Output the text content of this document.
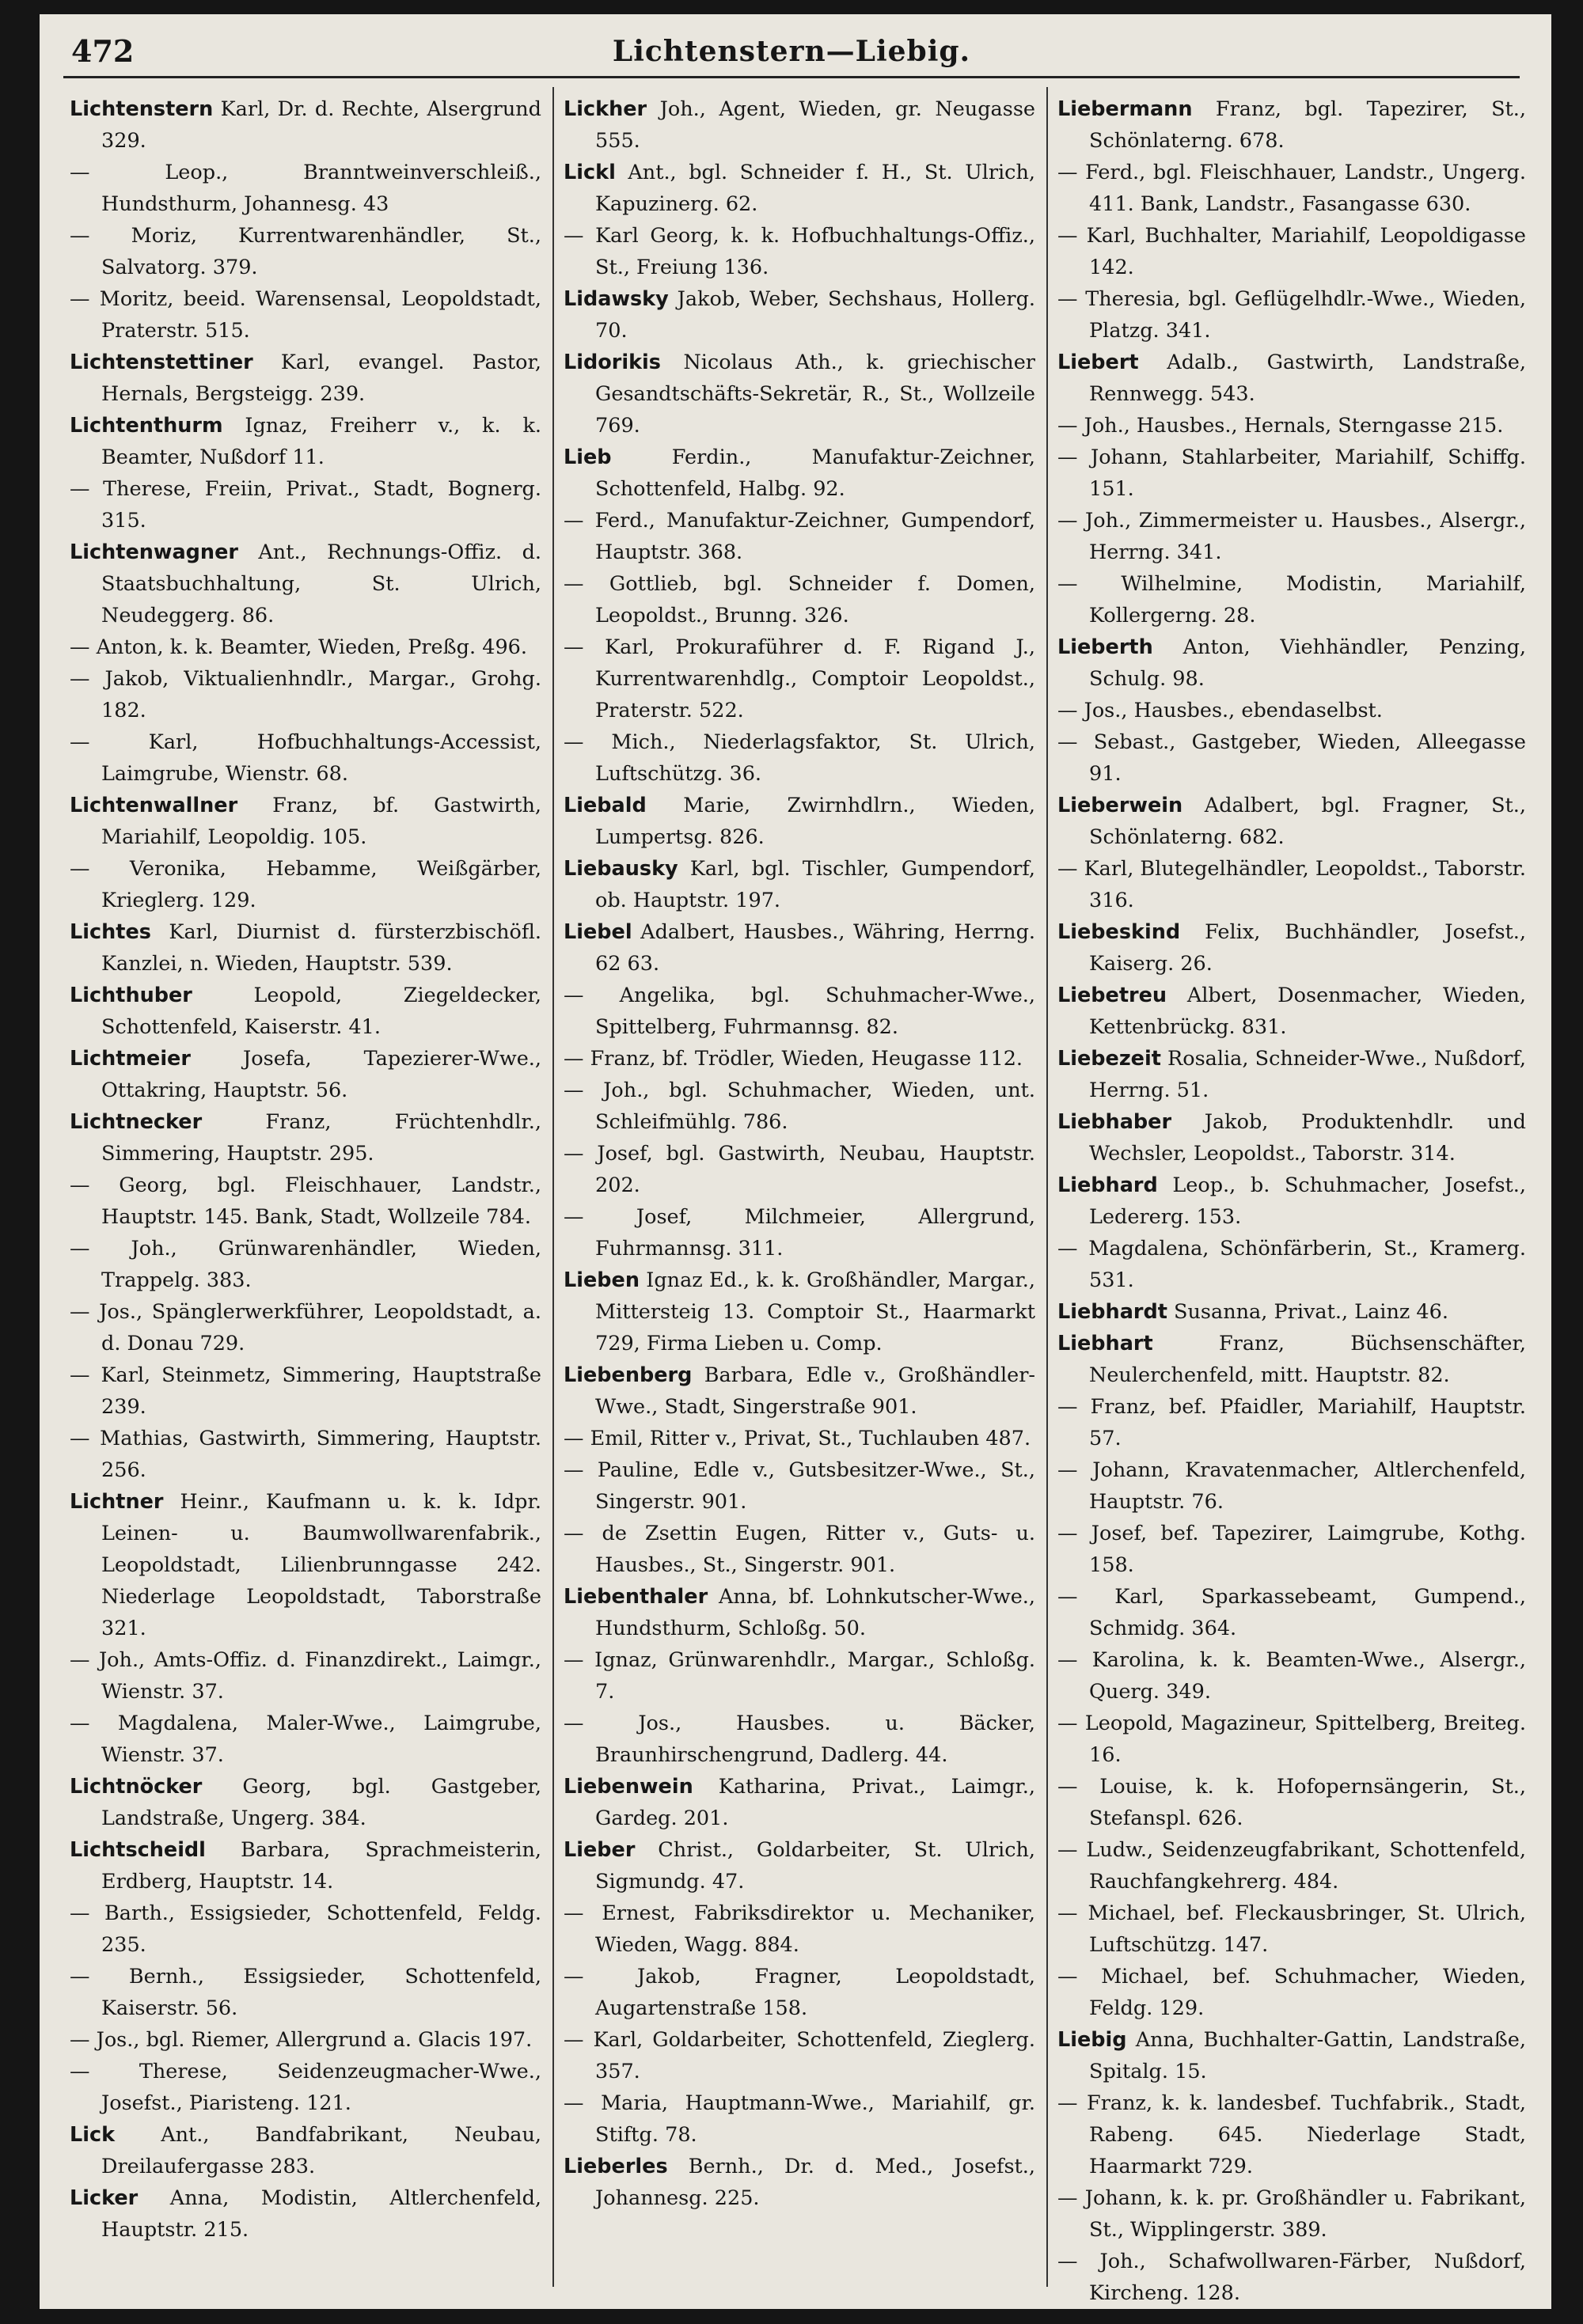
472	Lichtenstern—Liebig.

Lichtenstern Karl, Dr. d. Rechte, Alsergrund 329.

— Leop., Branntweinverschleiß., Hundsthurm, Johannesg. 43

— Moriz, Kurrentwarenhändler, St., Salvatorg. 379.

— Moritz, beeid. Warensensal, Leopoldstadt, Praterstr. 515.

Lichtenstettiner Karl, evangel. Pastor, Hernals, Bergsteigg. 239.

Lichtenthurm Ignaz, Freiherr v., k. k. Beamter, Nußdorf 11.

— Therese, Freiin, Privat., Stadt, Bognerg. 315.

Lichtenwagner Ant., Rechnungs-Offiz. d. Staatsbuchhaltung, St. Ulrich, Neudeggerg. 86.

— Anton, k. k. Beamter, Wieden, Preßg. 496.

— Jakob, Viktualienhndlr., Margar., Grohg. 182.

— Karl, Hofbuchhaltungs-Accessist, Laimgrube, Wienstr. 68.

Lichtenwallner Franz, bf. Gastwirth, Mariahilf, Leopoldig. 105.

— Veronika, Hebamme, Weißgärber, Krieglerg. 129.

Lichtes Karl, Diurnist d. fürsterzbischöfl. Kanzlei, n. Wieden, Hauptstr. 539.

Lichthuber	Leopold, Ziegeldecker, Schottenfeld, Kaiserstr. 41.

Lichtmeier	Josefa, Tapezierer-Wwe., Ottakring, Hauptstr. 56.

Lichtnecker	Franz, Früchtenhdlr., Simmering, Hauptstr. 295.

— Georg, bgl. Fleischhauer, Landstr., Hauptstr. 145. Bank, Stadt, Wollzeile 784.

— Joh., Grünwarenhändler, Wieden, Trappelg. 383.

— Jos., Spänglerwerkführer, Leopoldstadt, a. d. Donau 729.

— Karl, Steinmetz, Simmering, Hauptstraße 239.

— Mathias, Gastwirth, Simmering, Hauptstr. 256.

Lichtner Heinr., Kaufmann u. k. k. Idpr. Leinen- u. Baumwollwarenfabrik., Leopoldstadt, Lilienbrunngasse 242. Niederlage Leopoldstadt, Taborstraße 321.

— Joh., Amts-Offiz. d. Finanzdirekt., Laimgr., Wienstr. 37.

— Magdalena, Maler-Wwe., Laimgrube, Wienstr. 37.

Lichtnöcker Georg, bgl. Gastgeber, Landstraße, Ungerg. 384.

Lichtscheidl Barbara, Sprachmeisterin, Erdberg, Hauptstr. 14.

— Barth., Essigsieder, Schottenfeld, Feldg. 235.

— Bernh., Essigsieder, Schottenfeld, Kaiserstr. 56.

— Jos., bgl. Riemer, Allergrund a. Glacis 197.

— Therese, Seidenzeugmacher-Wwe., Josefst., Piaristeng. 121.

Lick Ant., Bandfabrikant, Neubau, Dreilaufergasse 283.

Licker Anna, Modistin, Altlerchenfeld, Hauptstr. 215.

Lickher Joh., Agent, Wieden, gr. Neugasse 555.

Lickl Ant., bgl. Schneider f. H., St. Ulrich, Kapuzinerg. 62.

— Karl Georg, k. k. Hofbuchhaltungs-Offiz., St., Freiung 136.

Lidawsky Jakob, Weber, Sechshaus, Hollerg. 70.

Lidorikis Nicolaus Ath., k. griechischer Gesandtschäfts-Sekretär, R., St., Wollzeile 769.

Lieb	Ferdin., Manufaktur-Zeichner, Schottenfeld, Halbg. 92.

— Ferd., Manufaktur-Zeichner, Gumpendorf, Hauptstr. 368.

— Gottlieb, bgl. Schneider f. Domen, Leopoldst., Brunng. 326.

— Karl, Prokuraführer d. F. Rigand J., Kurrentwarenhdlg., Comptoir Leopoldst., Praterstr. 522.

— Mich., Niederlagsfaktor, St. Ulrich, Luftschützg. 36.

Liebald Marie, Zwirnhdlrn., Wieden, Lumpertsg. 826.

Liebausky Karl, bgl. Tischler, Gumpendorf, ob. Hauptstr. 197.

Liebel Adalbert, Hausbes., Währing, Herrng. 62 63.

— Angelika, bgl. Schuhmacher-Wwe., Spittelberg, Fuhrmannsg. 82.

— Franz, bf. Trödler, Wieden, Heugasse 112.

— Joh., bgl. Schuhmacher, Wieden, unt. Schleifmühlg. 786.

— Josef, bgl. Gastwirth, Neubau, Hauptstr. 202.

— Josef, Milchmeier, Allergrund, Fuhrmannsg. 311.

Lieben Ignaz Ed., k. k. Großhändler, Margar., Mittersteig 13. Comptoir St., Haarmarkt 729, Firma Lieben u. Comp.

Liebenberg Barbara, Edle v., Großhändler-Wwe., Stadt, Singerstraße 901.

— Emil, Ritter v., Privat, St., Tuchlauben 487.

— Pauline, Edle v., Gutsbesitzer-Wwe., St., Singerstr. 901.

— de Zsettin Eugen, Ritter v., Guts- u. Hausbes., St., Singerstr. 901.

Liebenthaler Anna, bf. Lohnkutscher-Wwe., Hundsthurm, Schloßg. 50.

— Ignaz, Grünwarenhdlr., Margar., Schloßg. 7.

— Jos., Hausbes. u. Bäcker, Braunhirschengrund, Dadlerg. 44.

Liebenwein Katharina, Privat., Laimgr., Gardeg. 201.

Lieber Christ., Goldarbeiter, St. Ulrich, Sigmundg. 47.

— Ernest, Fabriksdirektor u. Mechaniker, Wieden, Wagg. 884.

— Jakob, Fragner, Leopoldstadt, Augartenstraße 158.

— Karl, Goldarbeiter, Schottenfeld, Zieglerg. 357.

— Maria, Hauptmann-Wwe., Mariahilf, gr. Stiftg. 78.

Lieberles Bernh., Dr. d. Med., Josefst., Johannesg. 225.

Liebermann Franz, bgl. Tapezirer, St., Schönlaterng. 678.

— Ferd., bgl. Fleischhauer, Landstr., Ungerg. 411. Bank, Landstr., Fasangasse 630.

— Karl, Buchhalter, Mariahilf, Leopoldigasse 142.

— Theresia, bgl. Geflügelhdlr.-Wwe., Wieden, Platzg. 341.

Liebert Adalb., Gastwirth, Landstraße, Rennwegg. 543.

— Joh., Hausbes., Hernals, Sterngasse 215.

— Johann, Stahlarbeiter, Mariahilf, Schiffg. 151.

— Joh., Zimmermeister u. Hausbes., Alsergr., Herrng. 341.

— Wilhelmine, Modistin, Mariahilf, Kollergerng. 28.

Lieberth Anton, Viehhändler, Penzing, Schulg. 98.

— Jos., Hausbes., ebendaselbst.

— Sebast., Gastgeber, Wieden, Alleegasse 91.

Lieberwein Adalbert, bgl. Fragner, St., Schönlaterng. 682.

— Karl, Blutegelhändler, Leopoldst., Taborstr. 316.

Liebeskind Felix, Buchhändler, Josefst., Kaiserg. 26.

Liebetreu Albert, Dosenmacher, Wieden, Kettenbrückg. 831.

Liebezeit Rosalia, Schneider-Wwe., Nußdorf, Herrng. 51.

Liebhaber Jakob, Produktenhdlr. und Wechsler, Leopoldst., Taborstr. 314.

Liebhard Leop., b. Schuhmacher, Josefst., Ledererg. 153.

— Magdalena, Schönfärberin, St., Kramerg. 531.

Liebhardt Susanna, Privat., Lainz 46.

Liebhart	Franz, Büchsenschäfter, Neulerchenfeld, mitt. Hauptstr. 82.

— Franz, bef. Pfaidler, Mariahilf, Hauptstr. 57.

— Johann, Kravatenmacher, Altlerchenfeld, Hauptstr. 76.

— Josef, bef. Tapezirer, Laimgrube, Kothg. 158.

— Karl, Sparkassebeamt, Gumpend., Schmidg. 364.

— Karolina, k. k. Beamten-Wwe., Alsergr., Querg. 349.

— Leopold, Magazineur, Spittelberg, Breiteg. 16.

— Louise, k. k. Hofopernsängerin, St., Stefanspl. 626.

— Ludw., Seidenzeugfabrikant, Schottenfeld, Rauchfangkehrerg. 484.

— Michael, bef. Fleckausbringer, St. Ulrich, Luftschützg. 147.

— Michael, bef. Schuhmacher, Wieden, Feldg. 129.

Liebig Anna, Buchhalter-Gattin, Landstraße, Spitalg. 15.

— Franz, k. k. landesbef. Tuchfabrik., Stadt, Rabeng. 645. Niederlage Stadt, Haarmarkt 729.

— Johann, k. k. pr. Großhändler u. Fabrikant, St., Wipplingerstr. 389.

— Joh., Schafwollwaren-Färber, Nußdorf, Kircheng. 128.
